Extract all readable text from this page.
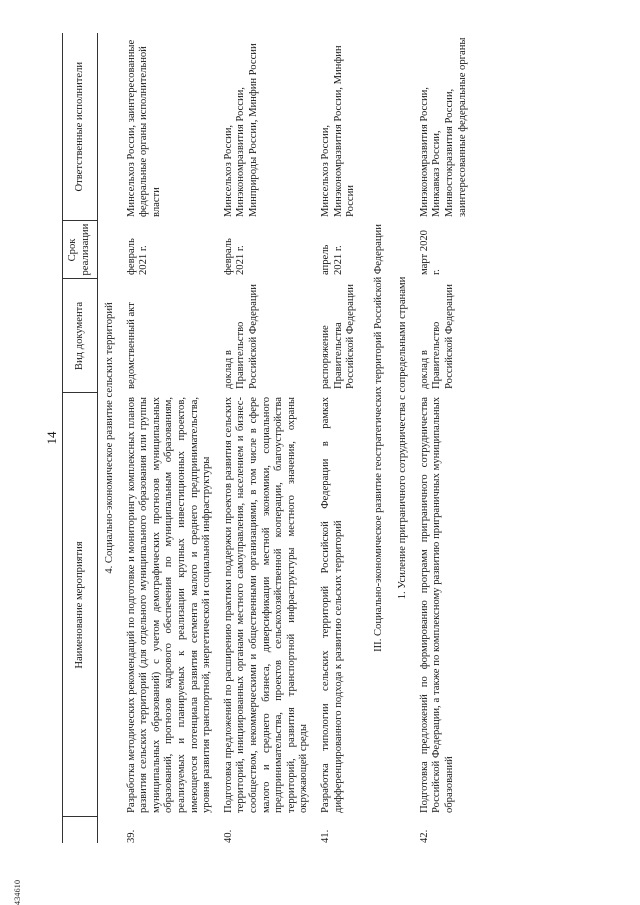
14
	Наименование мероприятия	Вид документа	Срок реализации	Ответственные исполнители
4. Социально-экономическое развитие сельских территорий				
39.	Разработка методических рекомендаций по подготовке и мониторингу комплексных планов развития сельских территорий (для отдельного муниципального образования или группы муниципальных образований) с учетом демографических прогнозов муниципальных образований, прогнозов кадрового обеспечения по муниципальным образованиям, реализуемых и планируемых к реализации крупных инвестиционных проектов, имеющегося потенциала развития сегмента малого и среднего предпринимательства, уровня развития транспортной, энергетической и социальной инфраструктуры	ведомственный акт	февраль 2021 г.	Минсельхоз России, заинтересованные федеральные органы исполнительной власти
40.	Подготовка предложений по расширению практики поддержки проектов развития сельских территорий, инициированных органами местного самоуправления, населением и бизнес-сообществом, некоммерческими и общественными организациями, в том числе в сфере малого и среднего бизнеса, диверсификации местной экономики, социального предпринимательства, проектов сельскохозяйственной кооперации, благоустройства территорий, развития транспортной инфраструктуры местного значения, охраны окружающей среды	доклад в Правительство Российской Федерации	февраль 2021 г.	Минсельхоз России, Минэкономразвития России, Минприроды России, Минфин России
41.	Разработка типологии сельских территорий Российской Федерации в рамках дифференцированного подхода к развитию сельских территорий	распоряжение Правительства Российской Федерации	апрель 2021 г.	Минсельхоз России, Минэкономразвития России, Минфин России
III. Социально-экономическое развитие геостратегических территорий Российской Федерации				
1. Усиление приграничного сотрудничества с сопредельными странами				
42.	Подготовка предложений по формированию программ приграничного сотрудничества Российской Федерации, а также по комплексному развитию приграничных муниципальных образований	доклад в Правительство Российской Федерации	март 2020 г.	Минэкономразвития России, Минкавказ России, Минвостокразвития России, заинтересованные федеральные органы
434610
